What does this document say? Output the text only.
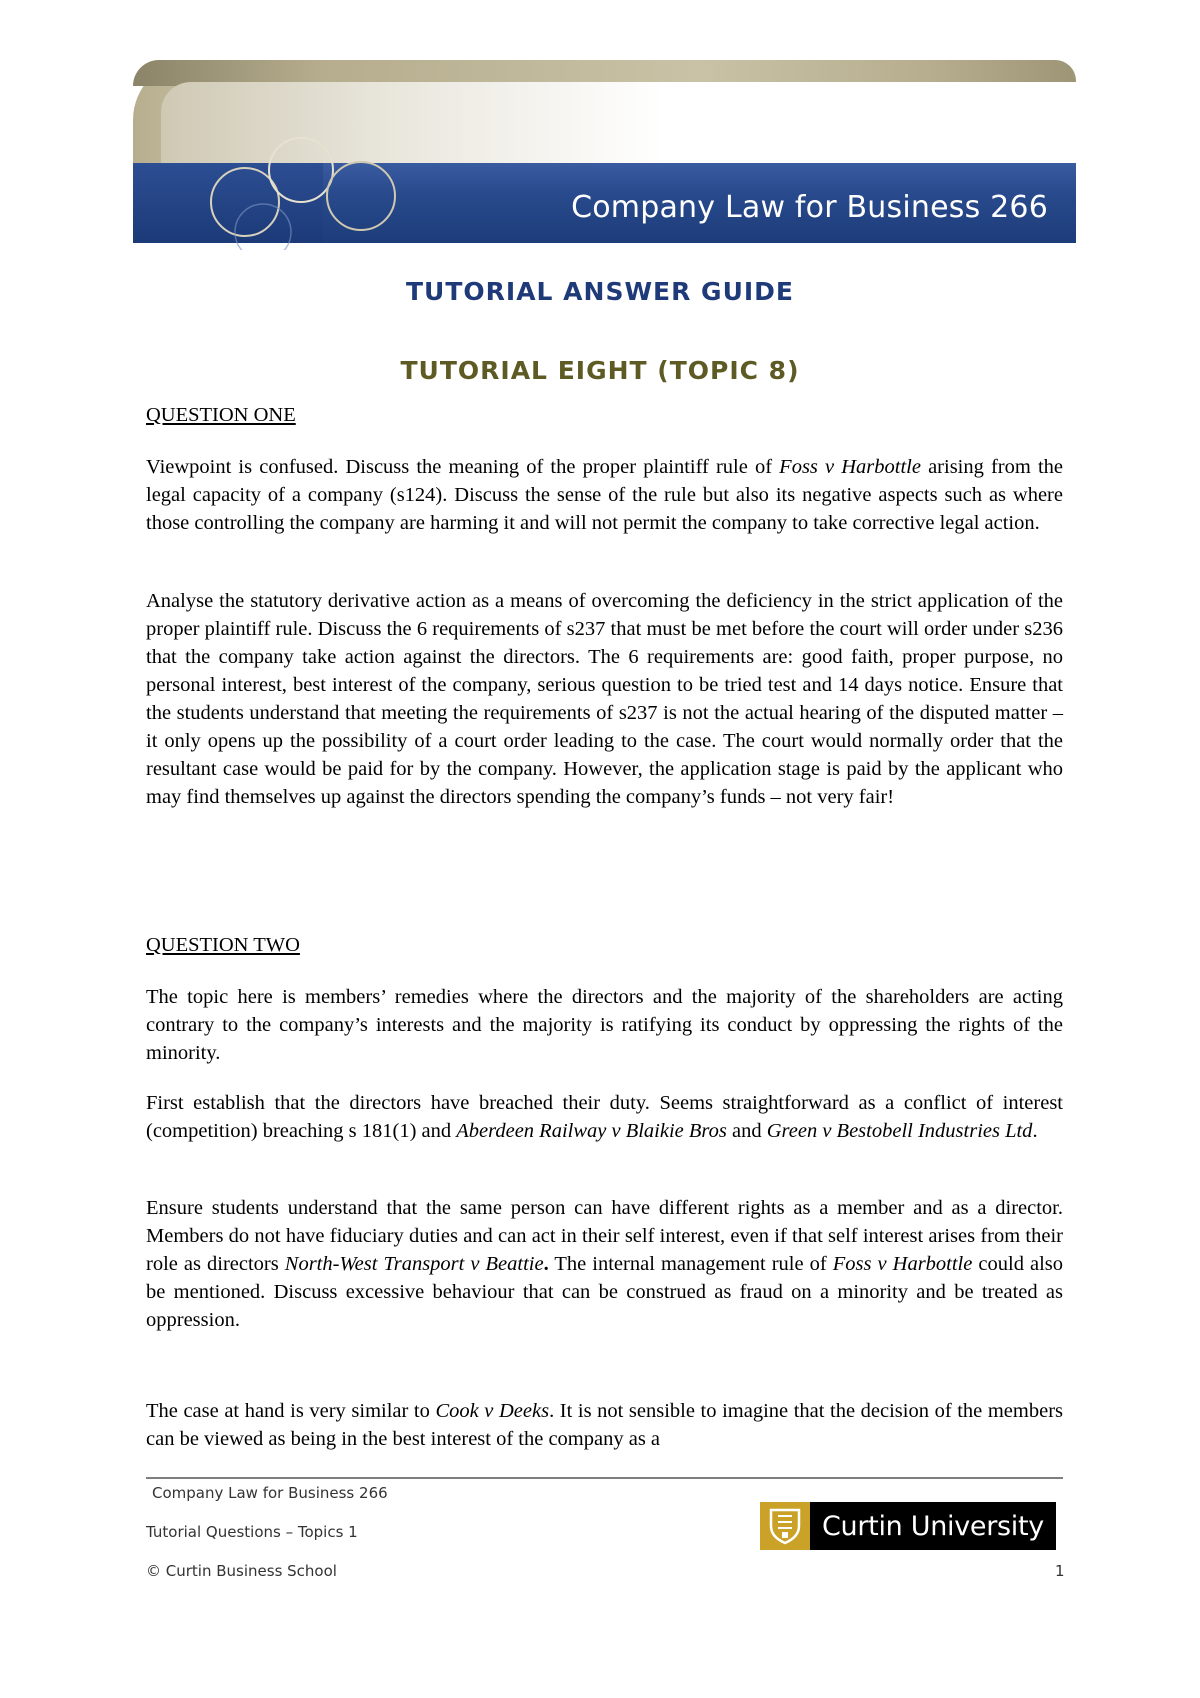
Company Law for Business 266
TUTORIAL ANSWER GUIDE
TUTORIAL EIGHT (TOPIC 8)
QUESTION ONE
Viewpoint is confused. Discuss the meaning of the proper plaintiff rule of Foss v Harbottle arising from the legal capacity of a company (s124). Discuss the sense of the rule but also its negative aspects such as where those controlling the company are harming it and will not permit the company to take corrective legal action.
Analyse the statutory derivative action as a means of overcoming the deficiency in the strict application of the proper plaintiff rule. Discuss the 6 requirements of s237 that must be met before the court will order under s236 that the company take action against the directors. The 6 requirements are: good faith, proper purpose, no personal interest, best interest of the company, serious question to be tried test and 14 days notice. Ensure that the students understand that meeting the requirements of s237 is not the actual hearing of the disputed matter – it only opens up the possibility of a court order leading to the case. The court would normally order that the resultant case would be paid for by the company. However, the application stage is paid by the applicant who may find themselves up against the directors spending the company’s funds – not very fair!
QUESTION TWO
The topic here is members’ remedies where the directors and the majority of the shareholders are acting contrary to the company’s interests and the majority is ratifying its conduct by oppressing the rights of the minority.
First establish that the directors have breached their duty. Seems straightforward as a conflict of interest (competition) breaching s 181(1) and Aberdeen Railway v Blaikie Bros and Green v Bestobell Industries Ltd.
Ensure students understand that the same person can have different rights as a member and as a director. Members do not have fiduciary duties and can act in their self interest, even if that self interest arises from their role as directors North-West Transport v Beattie. The internal management rule of Foss v Harbottle could also be mentioned. Discuss excessive behaviour that can be construed as fraud on a minority and be treated as oppression.
The case at hand is very similar to Cook v Deeks. It is not sensible to imagine that the decision of the members can be viewed as being in the best interest of the company as a
Company Law for Business 266
Tutorial Questions – Topics 1
© Curtin Business School	1
Curtin University
